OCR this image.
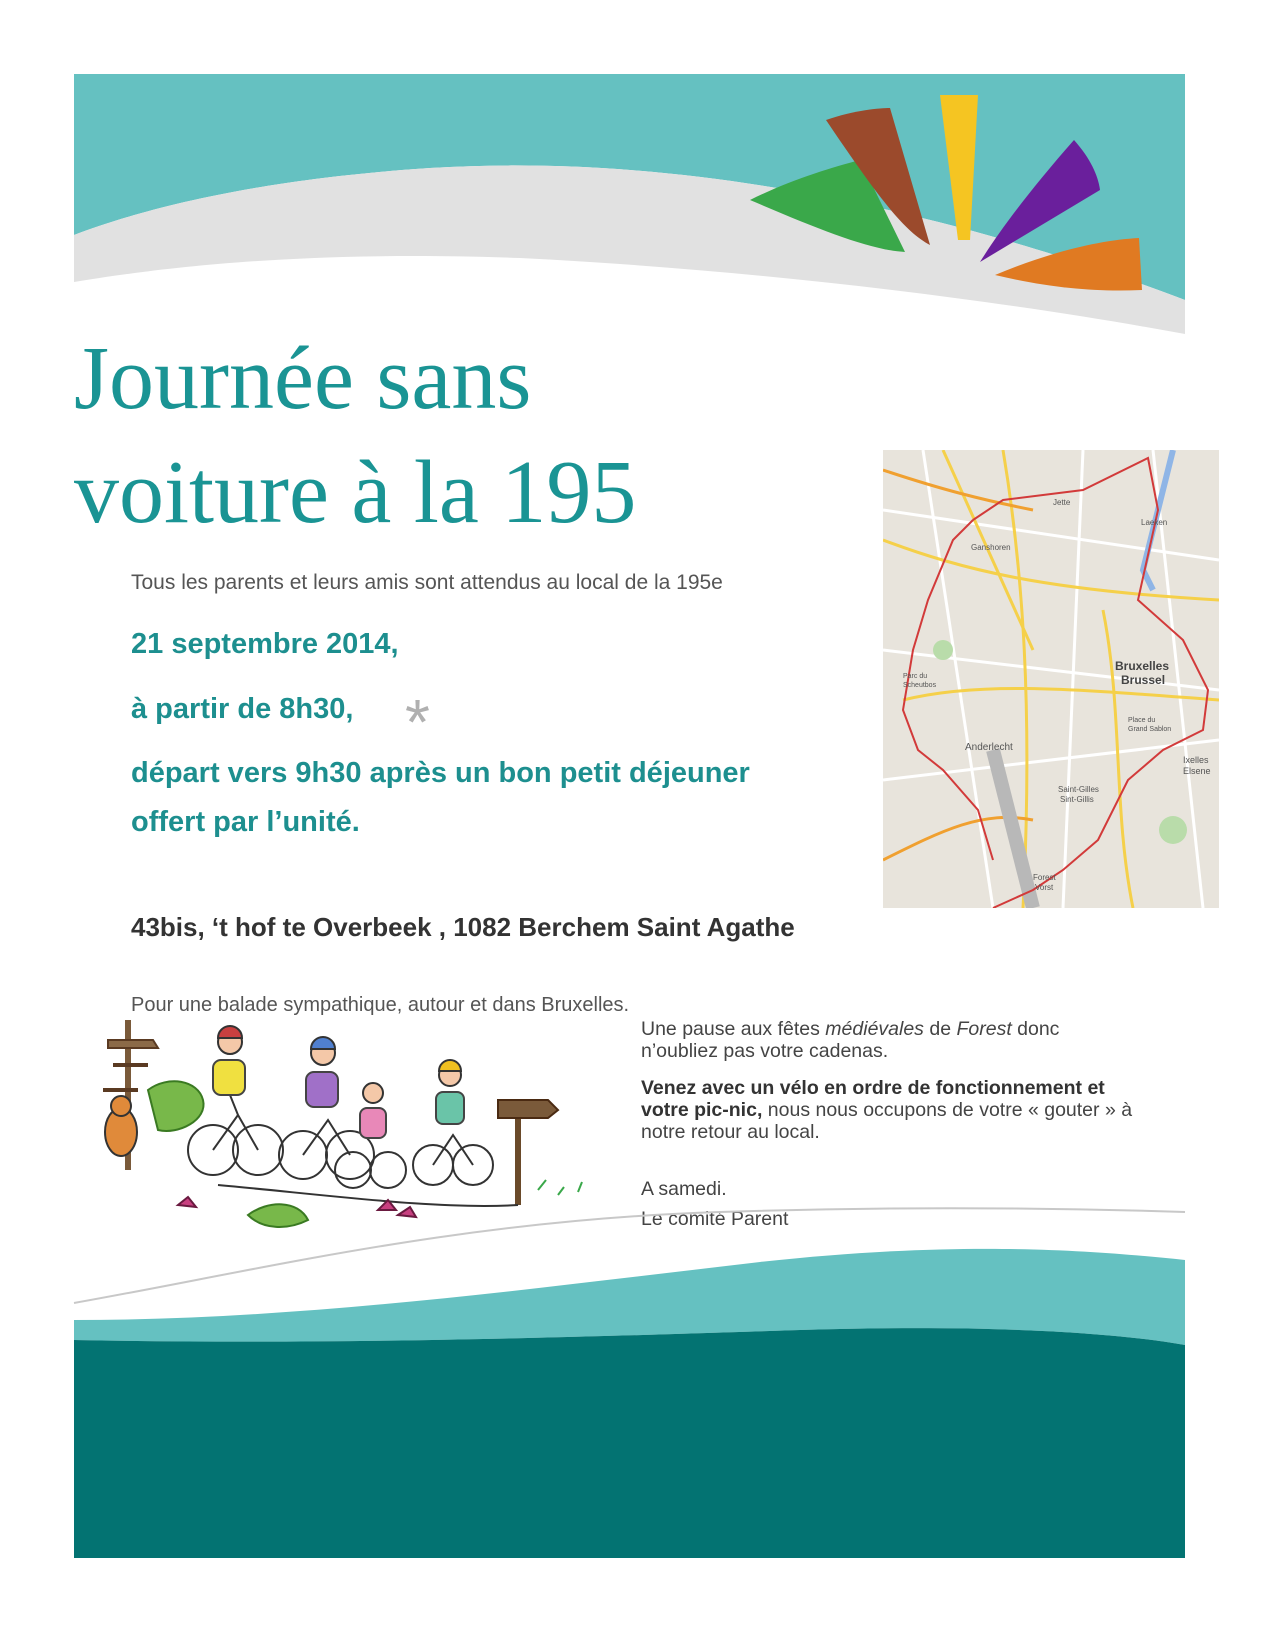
Journée sans
voiture à la 195
Tous les parents et leurs amis sont attendus au local de la 195e
21 septembre 2014,
à partir de 8h30, *
départ vers 9h30 après un bon petit déjeuner
offert par l’unité.
43bis, ‘t hof te Overbeek , 1082 Berchem Saint Agathe
Bruxelles
Brussel
Anderlecht
Ixelles
Elsene
Saint-Gilles
Sint-Gillis
Forest
Vorst
Ganshoren
Jette
Laeken
Parc du
Scheutbos
Place du
Grand Sablon
Pour une balade sympathique, autour et dans Bruxelles.
Une pause aux fêtes médiévales de Forest donc
n’oubliez pas votre cadenas.
Venez avec un vélo en ordre de fonctionnement et votre pic-nic, nous nous occupons de votre « gouter » à notre retour au local.
A samedi.
Le comité Parent
